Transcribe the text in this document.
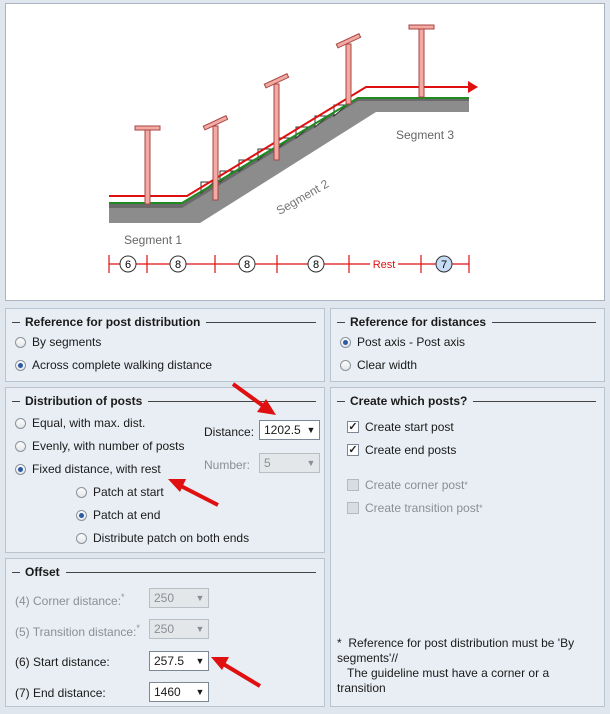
Segment 1
Segment 2
Segment 3
6	8	8	8	Rest	7
Reference for post distribution
By segments
Across complete walking distance
Reference for distances
Post axis - Post axis
Clear width
Distribution of posts
Equal, with max. dist.
Evenly, with number of posts
Fixed distance, with rest
Patch at start
Patch at end
Distribute patch on both ends
Distance: 1202.5 ▼
Number: 5	▼
Create which posts?
✓ Create start post
✓ Create end posts
Create corner post *
Create transition post *
Offset
(4) Corner distance:* 250	▼
(5) Transition distance:* 250	▼
(6) Start distance:	257.5	▼
(7) End distance:	1460	▼
* Reference for post distribution must be 'By segments'//
The guideline must have a corner or a transition
